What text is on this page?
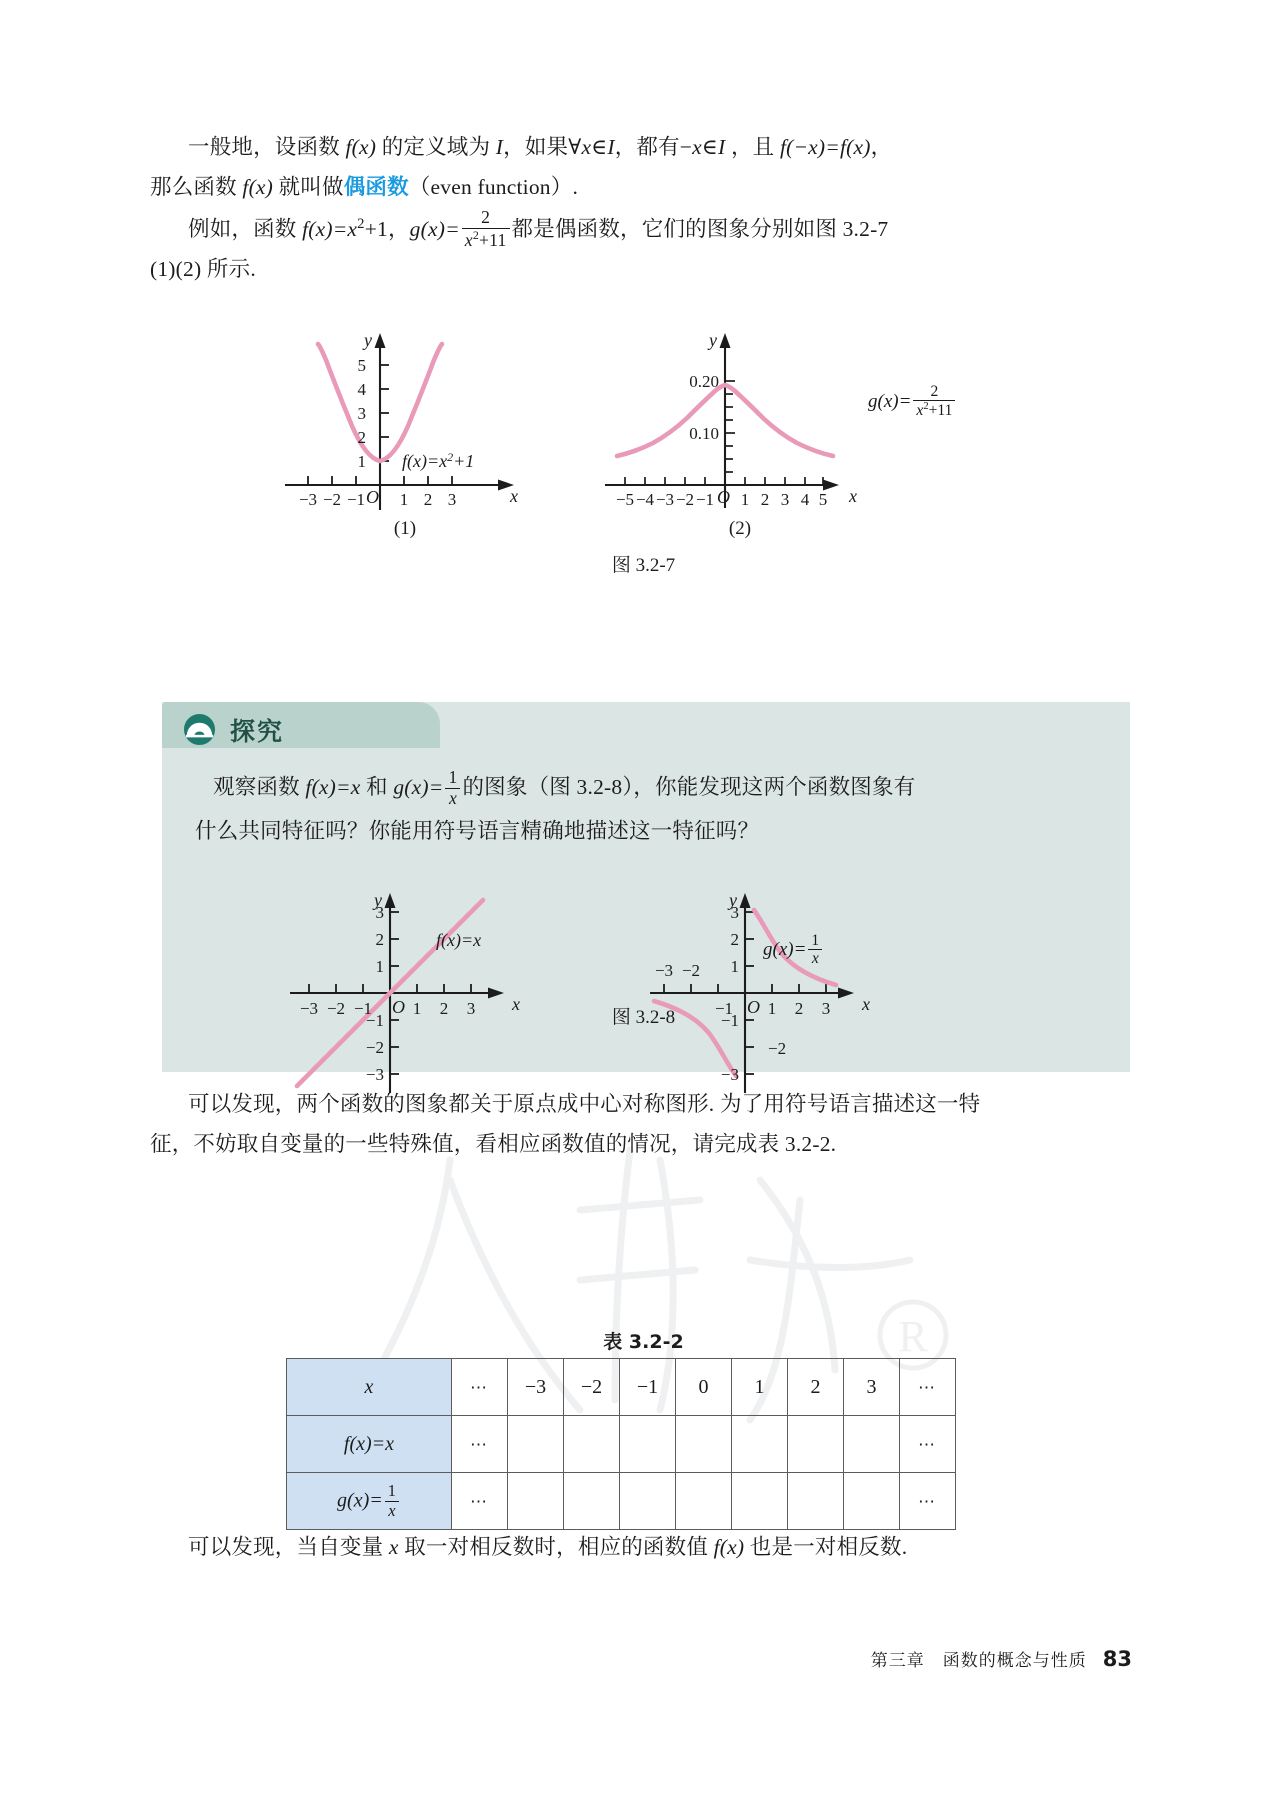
R
一般地，设函数 f(x) 的定义域为 I，如果∀x∈I，都有−x∈I ，且 f(−x)=f(x)，
那么函数 f(x) 就叫做偶函数（even function）.
例如，函数 $f(x)=x^2+1$，$g(x)= \frac{2}{x^2+11}$ 都是偶函数，它们的图象分别如图 3.2-7
(1)(2) 所示.
y
x
O
1
2
3
4
5
−3 −2 −1 1 2 3
$f(x)=x^2+1$
(1)
y
x
O
0.10
0.20
−5 −4 −3 −2 −1 1 2 3 4 5
$g(x)= \frac{2}{x^2+11}$
(2)
图 3.2-7
探究
观察函数 f(x)=x 和 $g(x)= \frac{1}{x}$ 的图象（图 3.2-8），你能发现这两个函数图象有
什么共同特征吗？你能用符号语言精确地描述这一特征吗？
y
x
O
3
2
1
−1
−2
−3
−3 −2 −1 1 2 3
f(x)=x
y
x
O
3
2
1
−1
−2
−3
−3 −2
−1 1 2 3
$g(x)= \frac{1}{x}$
图 3.2-8
可以发现，两个函数的图象都关于原点成中心对称图形. 为了用符号语言描述这一特
征，不妨取自变量的一些特殊值，看相应函数值的情况，请完成表 3.2-2.
表 3.2-2
x	⋯	−3	−2	−1	0	1	2	3	⋯
f(x)=x	⋯								⋯
$g(x)= \frac{1}{x}$	⋯								⋯
可以发现，当自变量 x 取一对相反数时，相应的函数值 f(x) 也是一对相反数.
第三章　函数的概念与性质 83
